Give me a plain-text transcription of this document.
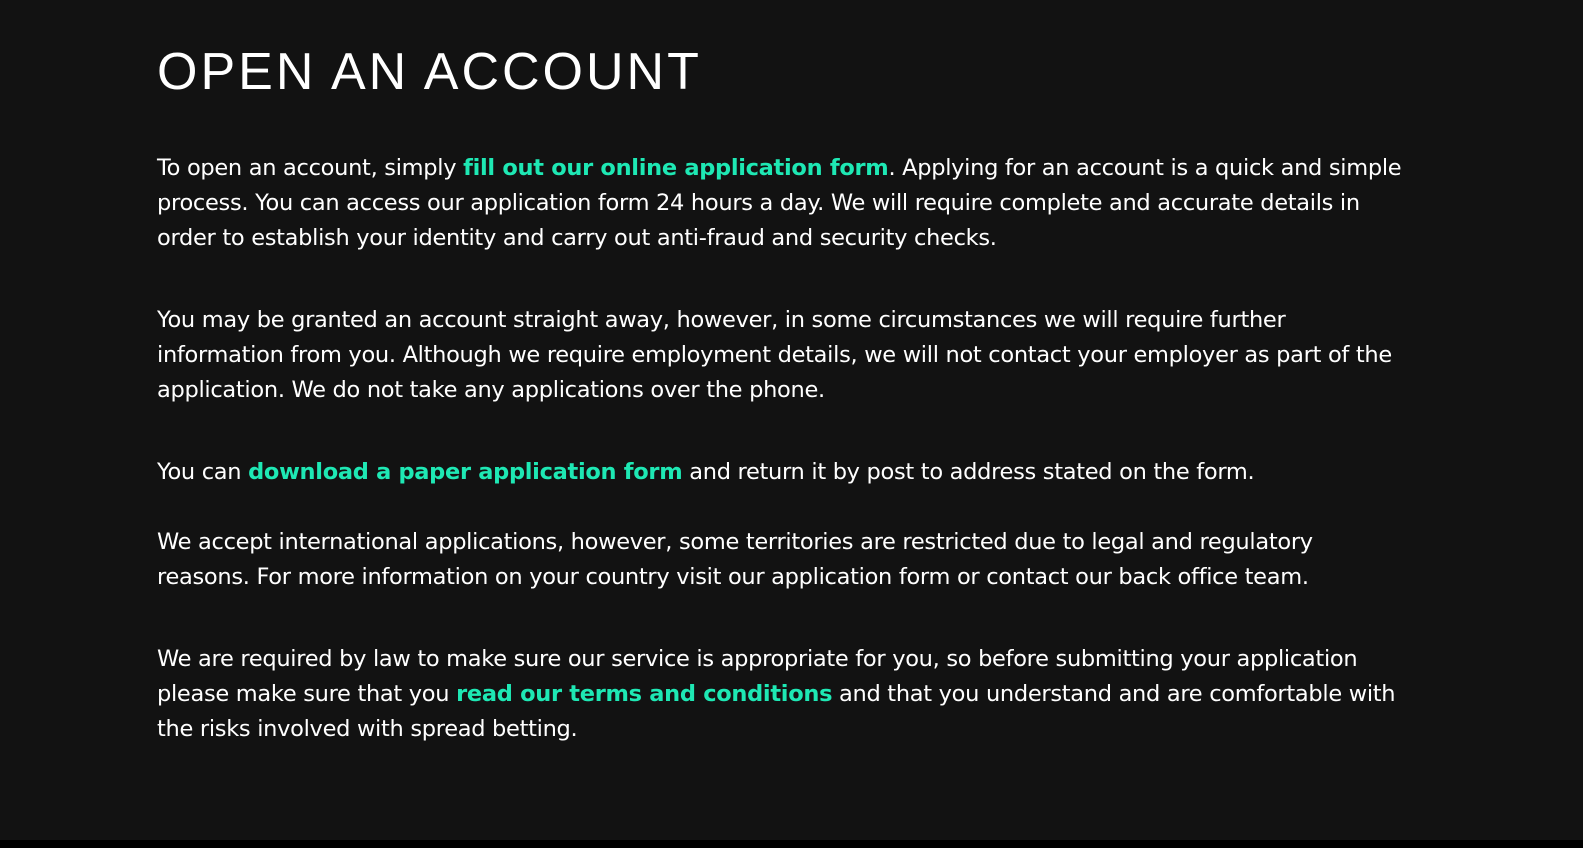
OPEN AN ACCOUNT

To open an account, simply fill out our online application form. Applying for an account is a quick and simple process. You can access our application form 24 hours a day. We will require complete and accurate details in order to establish your identity and carry out anti-fraud and security checks.

You may be granted an account straight away, however, in some circumstances we will require further information from you. Although we require employment details, we will not contact your employer as part of the application. We do not take any applications over the phone.

You can download a paper application form and return it by post to address stated on the form.

We accept international applications, however, some territories are restricted due to legal and regulatory reasons. For more information on your country visit our application form or contact our back office team.

We are required by law to make sure our service is appropriate for you, so before submitting your application please make sure that you read our terms and conditions and that you understand and are comfortable with the risks involved with spread betting.
